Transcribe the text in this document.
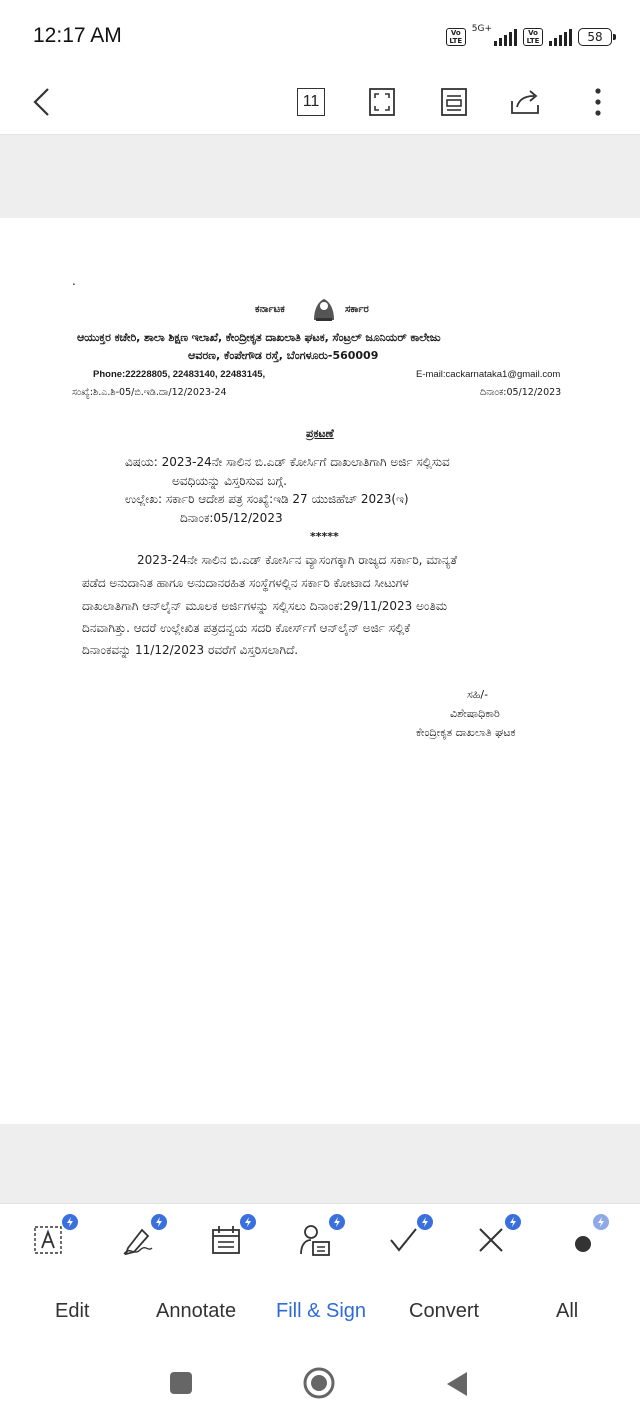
12:17 AM	Vo
LTE
5G+	Vo
LTE	58
11
.
ಕರ್ನಾಟಕ	ಸರ್ಕಾರ
ಆಯುಕ್ತರ ಕಚೇರಿ, ಶಾಲಾ ಶಿಕ್ಷಣ ಇಲಾಖೆ, ಕೇಂದ್ರೀಕೃತ ದಾಖಲಾತಿ ಘಟಕ, ಸೆಂಟ್ರಲ್ ಜೂನಿಯರ್ ಕಾಲೇಜು
ಆವರಣ, ಕೆಂಪೇಗೌಡ ರಸ್ತೆ, ಬೆಂಗಳೂರು-560009
Phone:22228805, 22483140, 22483145,	E-mail:cackarnataka1@gmail.com
ಸಂಖ್ಯೆ:ಶಿ.ಎ.ಶಿ-05/ಬಿ.ಇಡಿ.ದಾ/12/2023-24	ದಿನಾಂಕ:05/12/2023
ಪ್ರಕಟಣೆ
ವಿಷಯ: 2023-24ನೇ ಸಾಲಿನ ಬಿ.ಎಡ್ ಕೋರ್ಸಿಗೆ ದಾಖಲಾತಿಗಾಗಿ ಅರ್ಜಿ ಸಲ್ಲಿಸುವ
ಅವಧಿಯನ್ನು ವಿಸ್ತರಿಸುವ ಬಗ್ಗೆ.
ಉಲ್ಲೇಖ: ಸರ್ಕಾರಿ ಆದೇಶ ಪತ್ರ ಸಂಖ್ಯೆ:ಇಡಿ 27 ಯುಜಿಹೆಚ್ 2023(ಇ)
ದಿನಾಂಕ:05/12/2023
*****
2023-24ನೇ ಸಾಲಿನ ಬಿ.ಎಡ್ ಕೋರ್ಸಿನ ವ್ಯಾಸಂಗಕ್ಕಾಗಿ ರಾಜ್ಯದ ಸರ್ಕಾರಿ, ಮಾನ್ಯತೆ
ಪಡೆದ ಅನುದಾನಿತ ಹಾಗೂ ಅನುದಾನರಹಿತ ಸಂಸ್ಥೆಗಳಲ್ಲಿನ ಸರ್ಕಾರಿ ಕೋಟಾದ ಸೀಟುಗಳ
ದಾಖಲಾತಿಗಾಗಿ ಆನ್‌ಲೈನ್ ಮೂಲಕ ಅರ್ಜಿಗಳನ್ನು ಸಲ್ಲಿಸಲು ದಿನಾಂಕ:29/11/2023 ಅಂತಿಮ
ದಿನವಾಗಿತ್ತು. ಆದರೆ ಉಲ್ಲೇಖಿತ ಪತ್ರದನ್ವಯ ಸದರಿ ಕೋರ್ಸ್‌ಗೆ ಆನ್‌ಲೈನ್ ಅರ್ಜಿ ಸಲ್ಲಿಕೆ
ದಿನಾಂಕವನ್ನು 11/12/2023 ರವರೆಗೆ ವಿಸ್ತರಿಸಲಾಗಿದೆ.
ಸಹಿ/-
ವಿಶೇಷಾಧಿಕಾರಿ
ಕೇಂದ್ರೀಕೃತ ದಾಖಲಾತಿ ಘಟಕ
Edit	Annotate Fill & Sign Convert	All
